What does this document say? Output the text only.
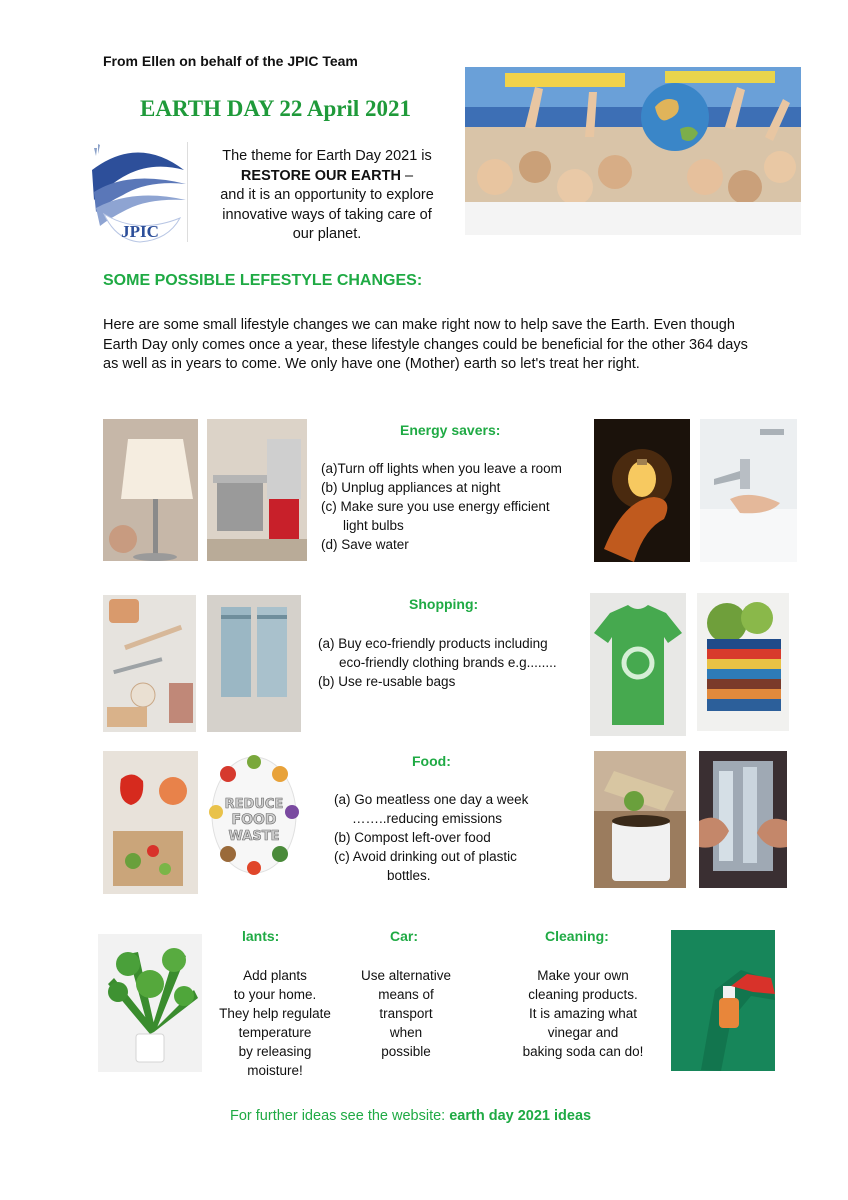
From Ellen on behalf of the JPIC Team
EARTH DAY 22 April 2021
JPIC
The theme for Earth Day 2021 is
RESTORE OUR EARTH –
and it is an opportunity to explore
innovative ways of taking care of
our planet.
SOME POSSIBLE LEFESTYLE CHANGES:
Here are some small lifestyle changes we can make right now to help save the Earth. Even though Earth Day only comes once a year, these lifestyle changes could be beneficial for the other 364 days as well as in years to come. We only have one (Mother) earth so let's treat her right.
Energy savers:
(a)Turn off lights when you leave a room
(b) Unplug appliances at night
(c) Make sure you use energy efficient
light bulbs
(d) Save water
Shopping:
(a) Buy eco-friendly products including
eco-friendly clothing brands e.g........
(b) Use re-usable bags
REDUCE
FOOD
WASTE
Food:
(a) Go meatless one day a week
……..reducing emissions
(b) Compost left-over food
(c) Avoid drinking out of plastic
bottles.
lants:
Add plants
to your home.
They help regulate
temperature
by releasing
moisture!
Car:
Use alternative
means of
transport
when
possible
Cleaning:
Make your own
cleaning products.
It is amazing what
vinegar and
baking soda can do!
For further ideas see the website: earth day 2021 ideas
